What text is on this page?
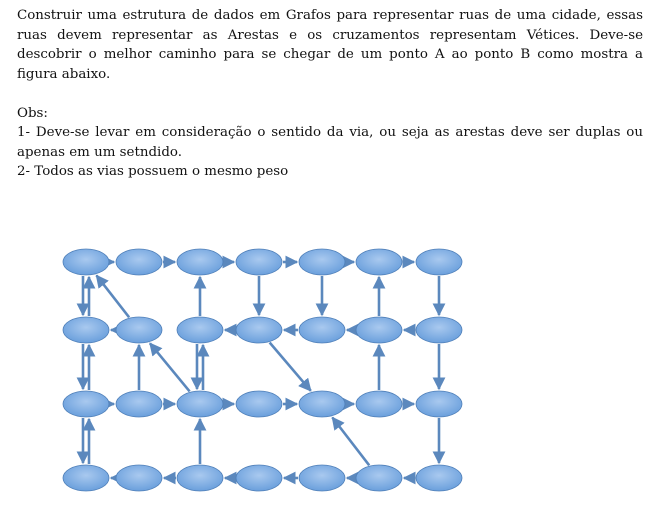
Construir uma estrutura de dados em Grafos para representar ruas de uma cidade, essas ruas devem representar as Arestas e os cruzamentos representam Vétices. Deve-se descobrir o melhor caminho para se chegar de um ponto A ao ponto B como mostra a figura abaixo.

Obs:

1- Deve-se levar em consideração o sentido da via, ou seja as arestas deve ser duplas ou apenas em um setndido.

2- Todos as vias possuem o mesmo peso
